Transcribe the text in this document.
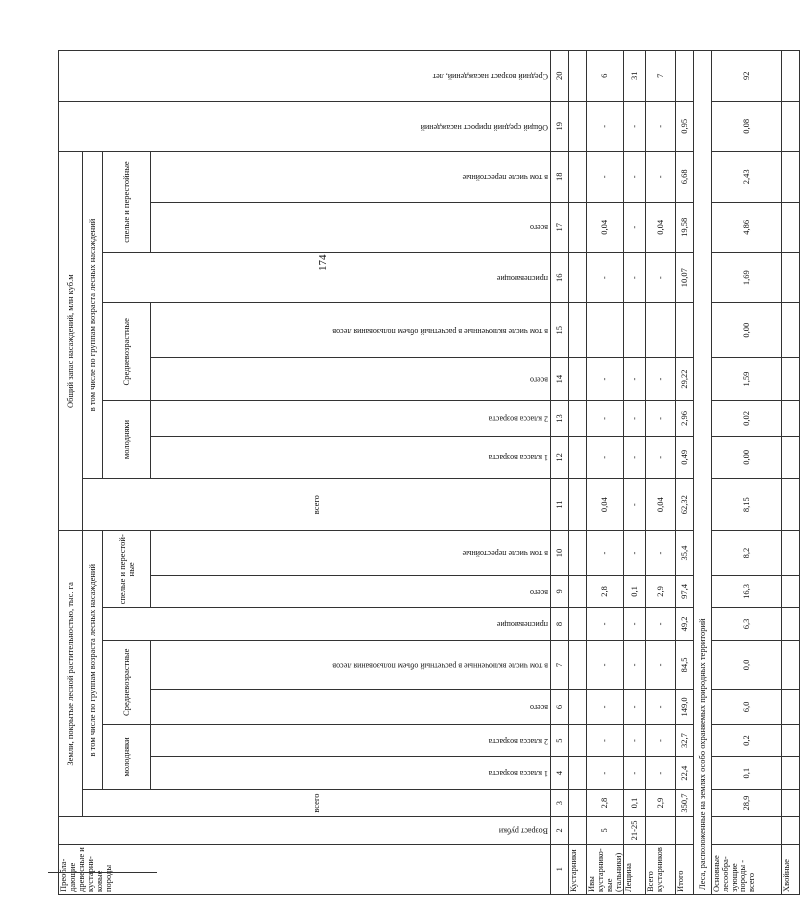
174
Преобладающие древесные и кустарниковые породы	Возраст рубки	Земли, покрытые лесной растительностью, тыс. га								Общий запас насаждений, млн куб.м								Общий средний прирост насаждений	Средний возраст насаждений, лет
		всего	в том числе по группам возраста лесных насаждений							всего	в том числе по группам возраста лесных насаждений								
			молодняки		Средневозрастные		приспевающие	спелые и перестойные			молодняки		Средневозрастные		приспевающие	спелые и перестойные			
			1 класса возраста	2 класса возраста	всего	в том числе включенные в расчетный объем пользования лесов		всего	в том числе перестойные		1 класса возраста	2 класса возраста	всего	в том числе включенные в расчетный объем пользования лесов		всего	в том числе перестойные		

1	2	3	4	5	6	7	8	9	10	11	12	13	14	15	16	17	18	19	20
Кустарники																			
Ивы кустарниковые (тальники)	5	2,8	-	-	-	-	-	2,8	-	0,04	-	-	-		-	0,04	-	-	6
Лещина	21-25	0,1	-	-	-	-	-	0,1	-	-	-	-	-		-	-	-	-	31
Всего кустарников		2,9	-	-	-	-	-	2,9	-	0,04	-	-	-		-	0,04	-	-	7
Итого		350,7	22,4	32,7	149,0	84,5	49,2	97,4	35,4	62,32	0,49	2,96	29,22		10,07	19,58	6,68	0,95	
Леса, расположенные на землях особо охраняемых природных территорий																			
Основные лесообразующие породы - всего		28,9	0,1	0,2	6,0	0,0	6,3	16,3	8,2	8,15	0,00	0,02	1,59	0,00	1,69	4,86	2,43	0,08	92
Хвойные																			
